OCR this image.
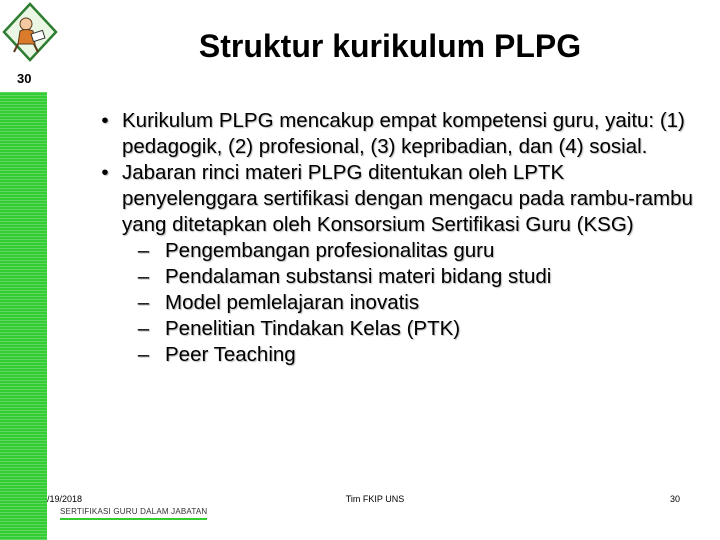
30
Struktur kurikulum PLPG
• Kurikulum PLPG mencakup empat kompetensi guru, yaitu: (1) pedagogik, (2) profesional, (3) kepribadian, dan (4) sosial.
• Jabaran rinci materi PLPG ditentukan oleh LPTK penyelenggara sertifikasi dengan mengacu pada rambu-rambu yang ditetapkan oleh Konsorsium Sertifikasi Guru (KSG)
– Pengembangan profesionalitas guru
– Pendalaman substansi materi bidang studi
– Model pemlelajaran inovatis
– Penelitian Tindakan Kelas (PTK)
– Peer Teaching
/19/2018
SERTIFIKASI GURU DALAM JABATAN
Tim FKIP UNS	30
